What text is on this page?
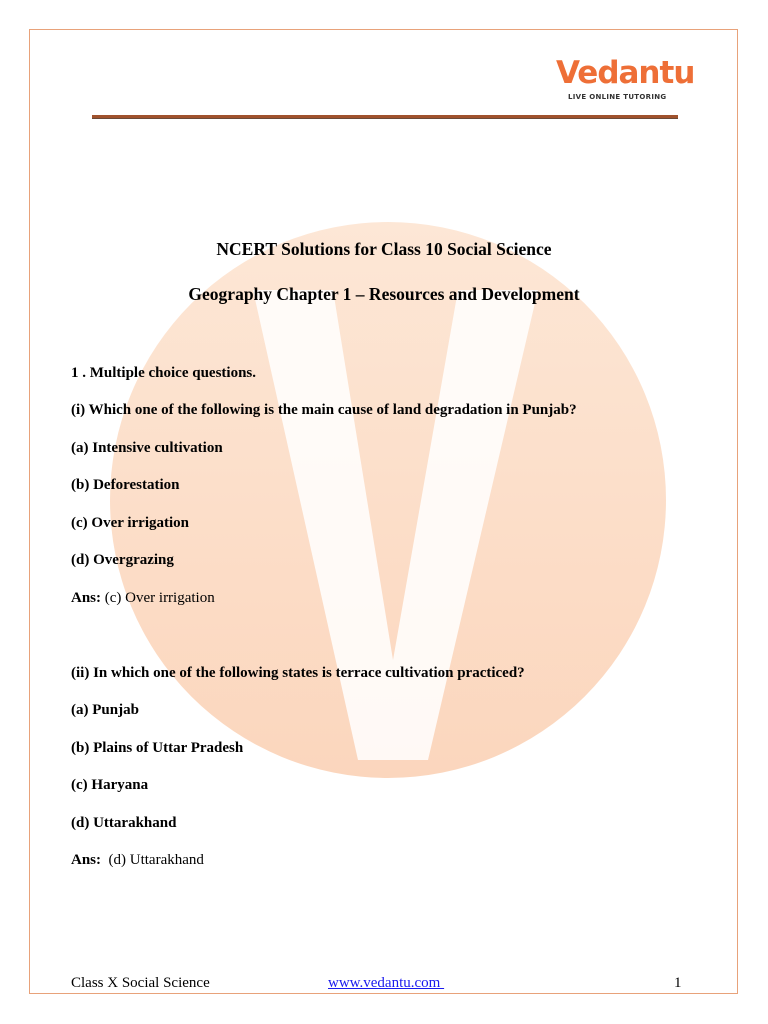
Vedantu
LIVE ONLINE TUTORING
NCERT Solutions for Class 10 Social Science
Geography Chapter 1 – Resources and Development
1 . Multiple choice questions.
(i) Which one of the following is the main cause of land degradation in Punjab?
(a) Intensive cultivation
(b) Deforestation
(c) Over irrigation
(d) Overgrazing
Ans: (c) Over irrigation
(ii) In which one of the following states is terrace cultivation practiced?
(a) Punjab
(b) Plains of Uttar Pradesh
(c) Haryana
(d) Uttarakhand
Ans:  (d) Uttarakhand
Class X Social Science	www.vedantu.com	1
